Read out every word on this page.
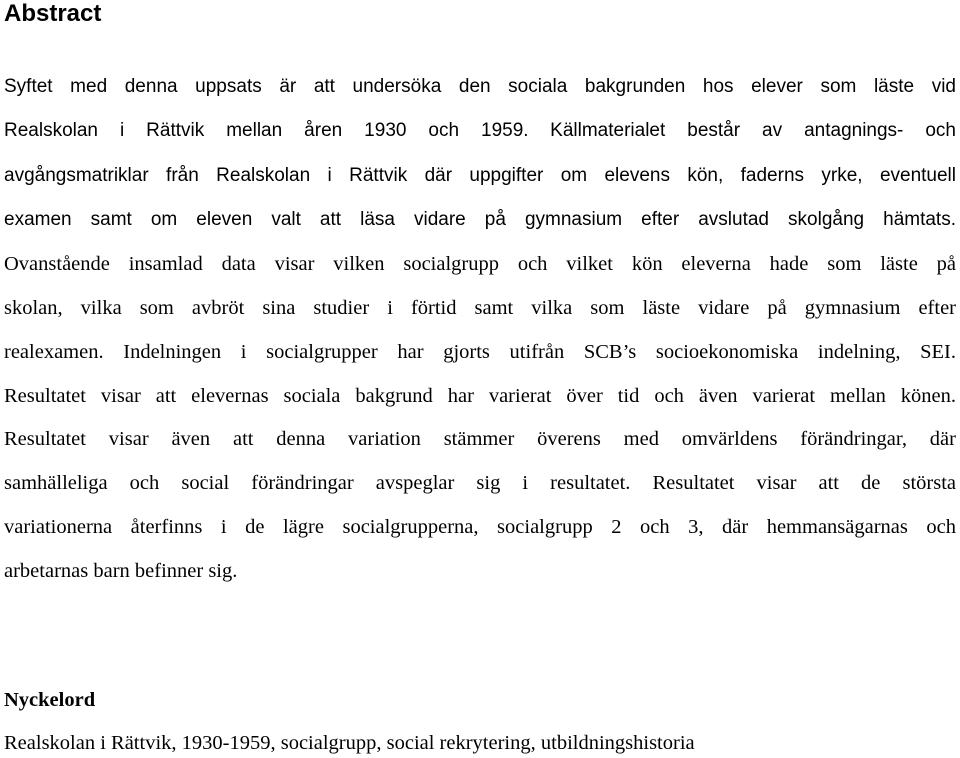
Abstract

Syftet med denna uppsats är att undersöka den sociala bakgrunden hos elever som läste vid

Realskolan i Rättvik mellan åren 1930 och 1959. Källmaterialet består av antagnings- och

avgångsmatriklar från Realskolan i Rättvik där uppgifter om elevens kön, faderns yrke, eventuell

examen samt om eleven valt att läsa vidare på gymnasium efter avslutad skolgång hämtats.

Ovanstående insamlad data visar vilken socialgrupp och vilket kön eleverna hade som läste på

skolan, vilka som avbröt sina studier i förtid samt vilka som läste vidare på gymnasium efter

realexamen. Indelningen i socialgrupper har gjorts utifrån SCB’s socioekonomiska indelning, SEI.

Resultatet visar att elevernas sociala bakgrund har varierat över tid och även varierat mellan könen.

Resultatet visar även att denna variation stämmer överens med omvärldens förändringar, där

samhälleliga och social förändringar avspeglar sig i resultatet. Resultatet visar att de största

variationerna återfinns i de lägre socialgrupperna, socialgrupp 2 och 3, där hemmansägarnas och

arbetarnas barn befinner sig.

Nyckelord

Realskolan i Rättvik, 1930-1959, socialgrupp, social rekrytering, utbildningshistoria
